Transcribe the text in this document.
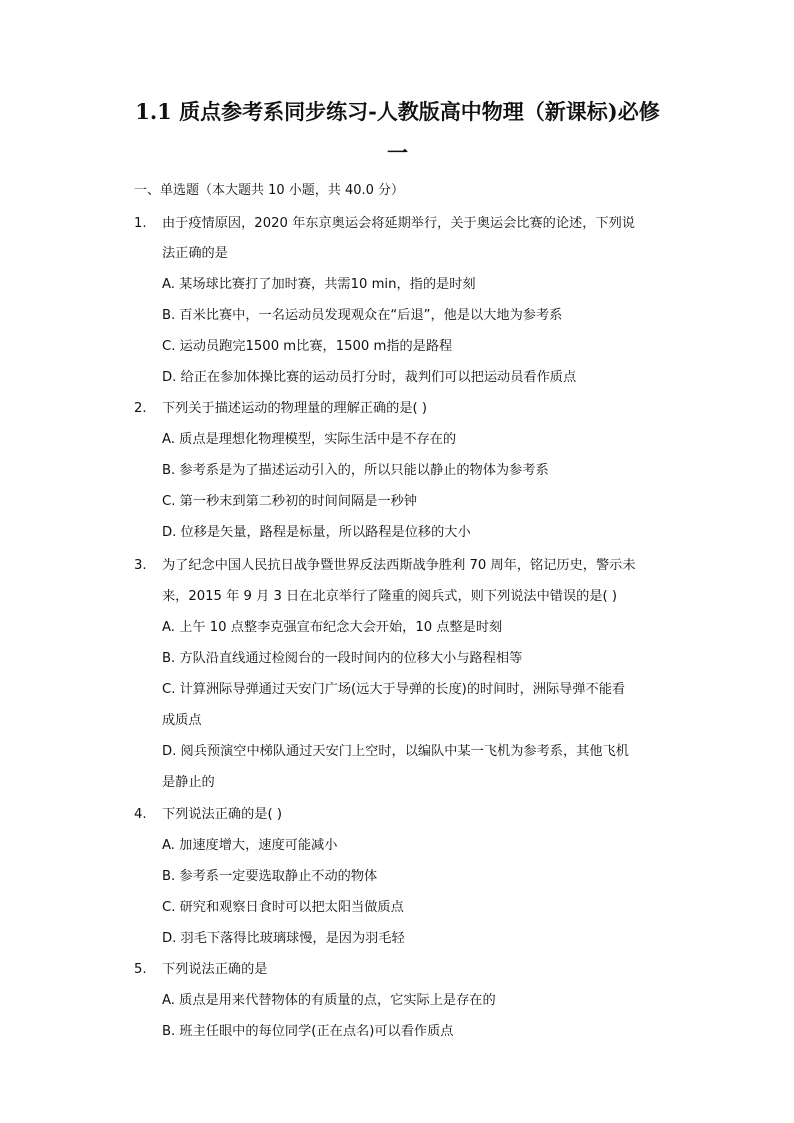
1.1 质点参考系同步练习-人教版高中物理（新课标)必修
一
一、单选题（本大题共 10 小题，共 40.0 分）
1. 由于疫情原因，2020 年东京奥运会将延期举行，关于奥运会比赛的论述，下列说
法正确的是
A. 某场球比赛打了加时赛，共需10 min，指的是时刻
B. 百米比赛中，一名运动员发现观众在“后退”，他是以大地为参考系
C. 运动员跑完1500 m比赛，1500 m指的是路程
D. 给正在参加体操比赛的运动员打分时，裁判们可以把运动员看作质点
2. 下列关于描述运动的物理量的理解正确的是( )
A. 质点是理想化物理模型，实际生活中是不存在的
B. 参考系是为了描述运动引入的，所以只能以静止的物体为参考系
C. 第一秒末到第二秒初的时间间隔是一秒钟
D. 位移是矢量，路程是标量，所以路程是位移的大小
3. 为了纪念中国人民抗日战争暨世界反法西斯战争胜利 70 周年，铭记历史，警示未
来，2015 年 9 月 3 日在北京举行了隆重的阅兵式，则下列说法中错误的是( )
A. 上午 10 点整李克强宣布纪念大会开始，10 点整是时刻
B. 方队沿直线通过检阅台的一段时间内的位移大小与路程相等
C. 计算洲际导弹通过天安门广场(远大于导弹的长度)的时间时，洲际导弹不能看
成质点
D. 阅兵预演空中梯队通过天安门上空时，以编队中某一飞机为参考系，其他飞机
是静止的
4. 下列说法正确的是( )
A. 加速度增大，速度可能减小
B. 参考系一定要选取静止不动的物体
C. 研究和观察日食时可以把太阳当做质点
D. 羽毛下落得比玻璃球慢，是因为羽毛轻
5. 下列说法正确的是
A. 质点是用来代替物体的有质量的点，它实际上是存在的
B. 班主任眼中的每位同学(正在点名)可以看作质点
